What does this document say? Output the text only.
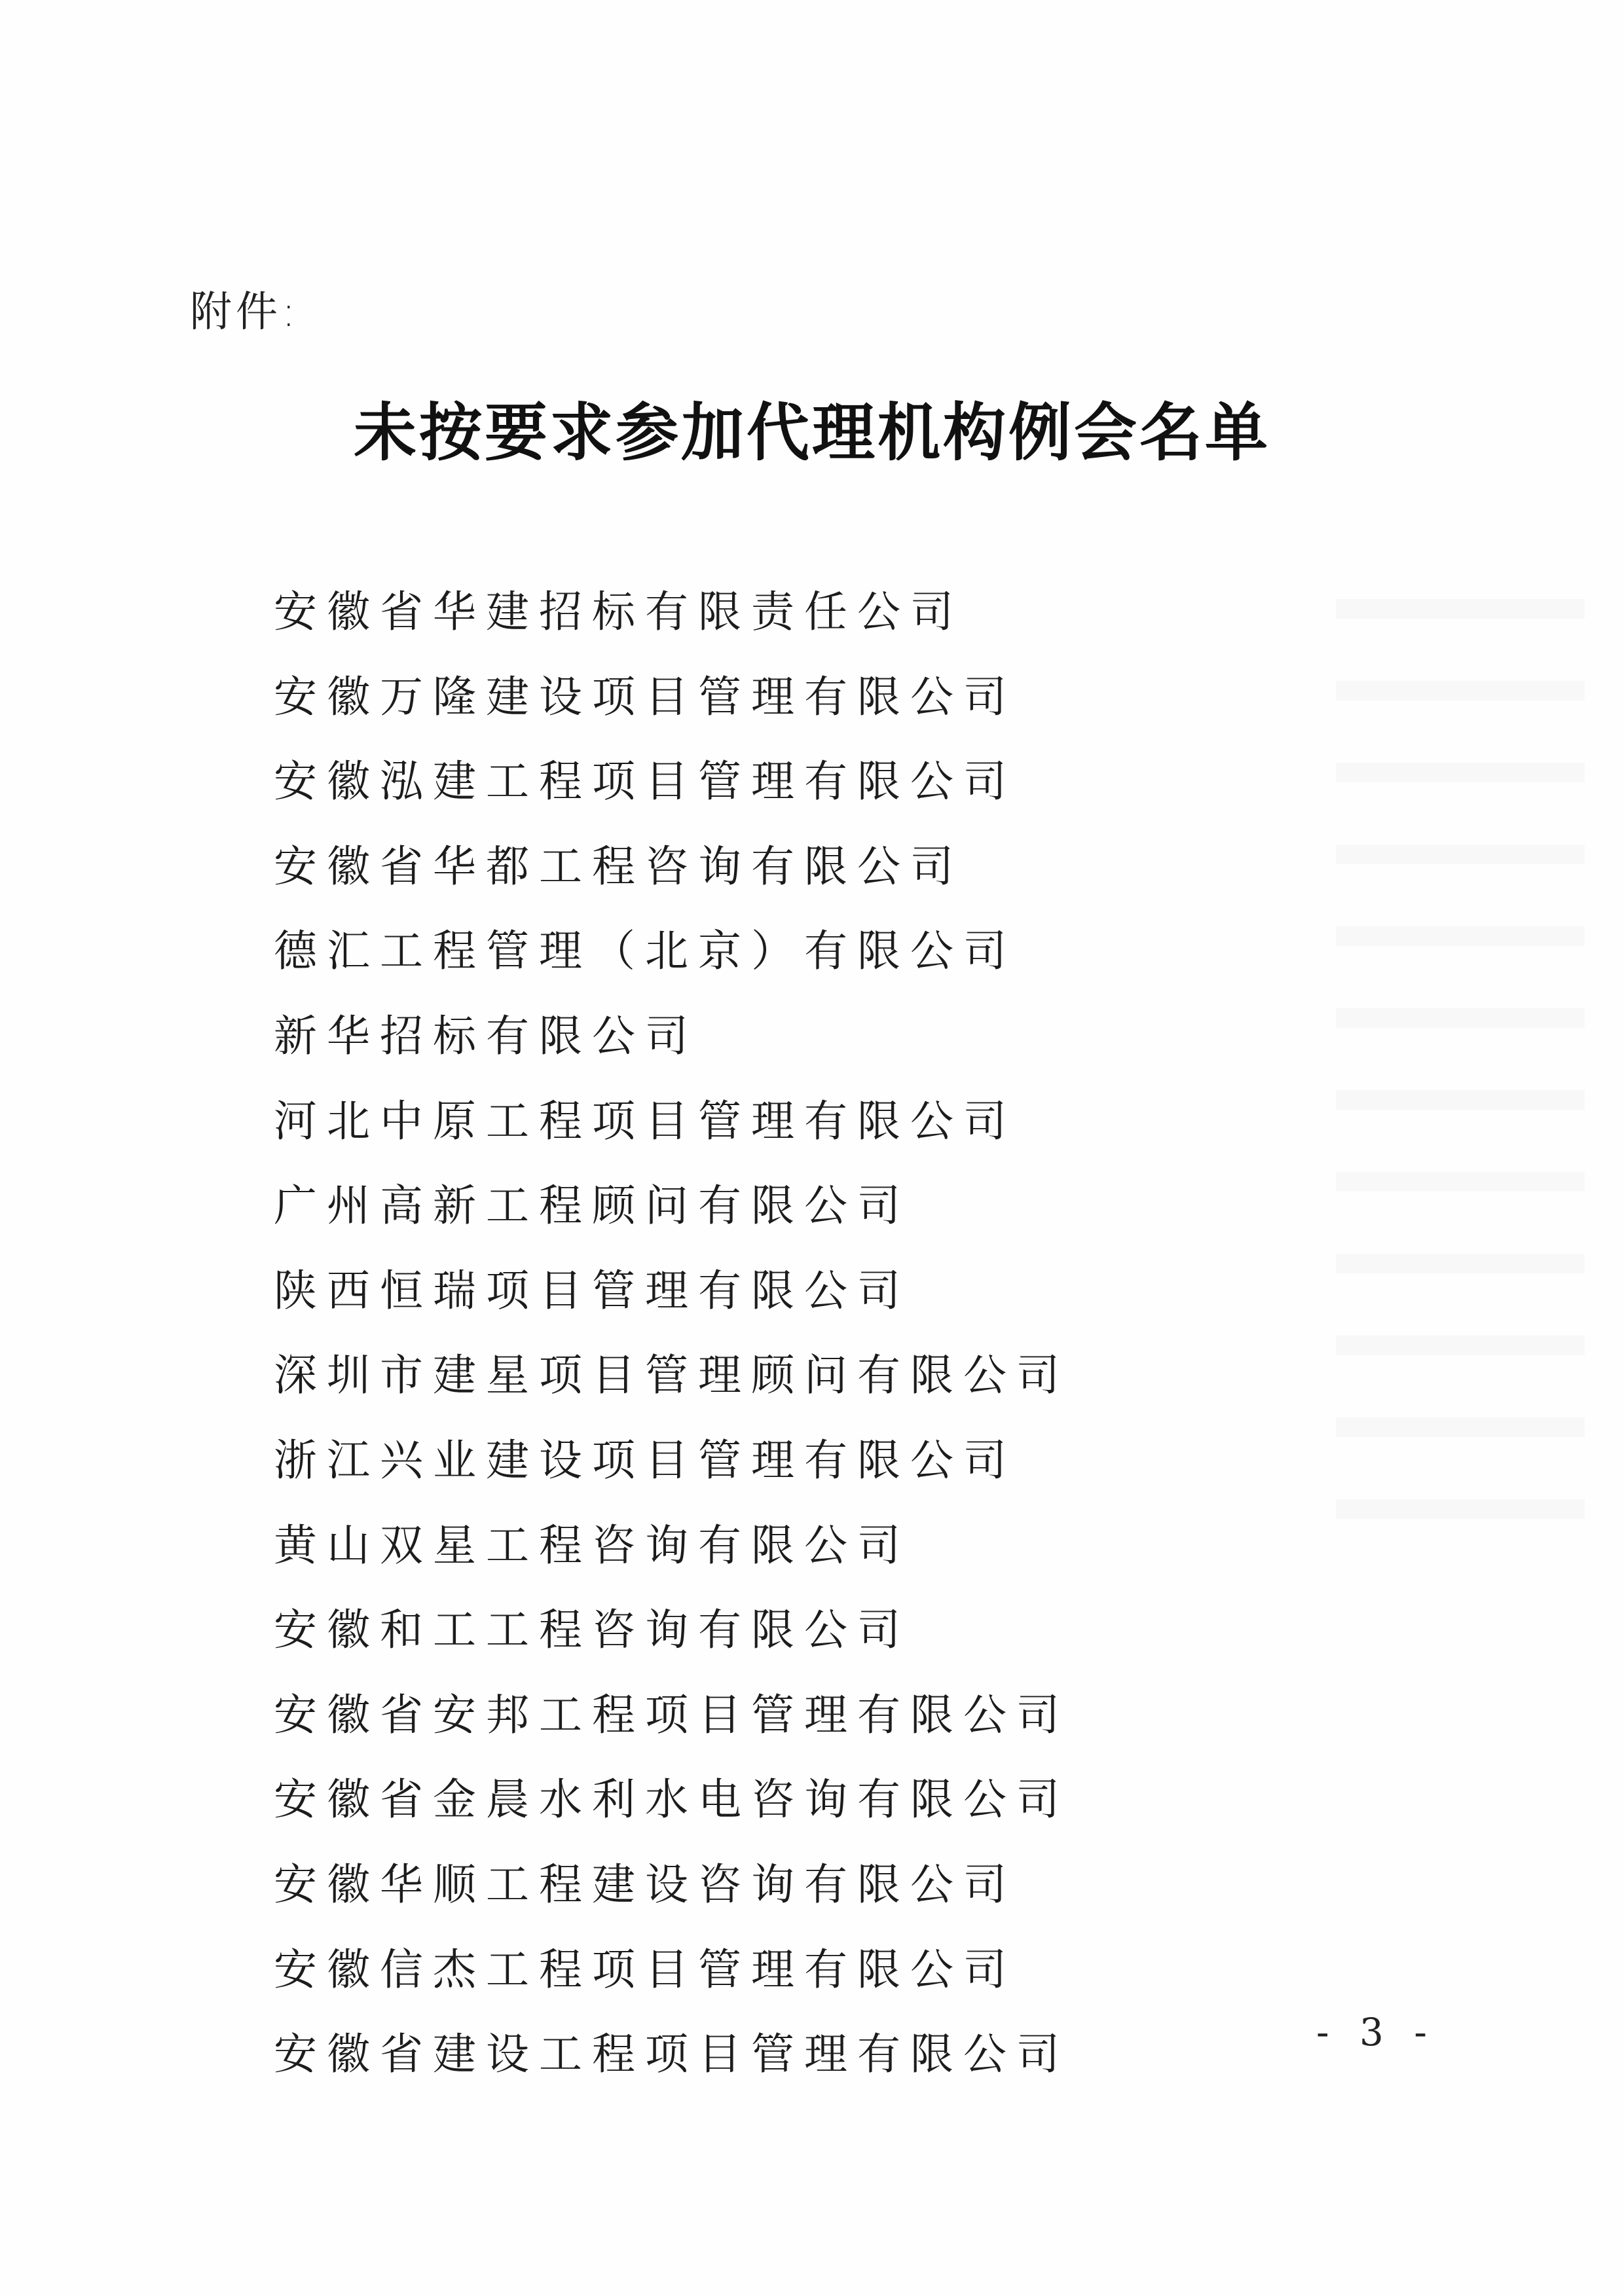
附件:
未按要求参加代理机构例会名单
安徽省华建招标有限责任公司
安徽万隆建设项目管理有限公司
安徽泓建工程项目管理有限公司
安徽省华都工程咨询有限公司
德汇工程管理（北京）有限公司
新华招标有限公司
河北中原工程项目管理有限公司
广州高新工程顾问有限公司
陕西恒瑞项目管理有限公司
深圳市建星项目管理顾问有限公司
浙江兴业建设项目管理有限公司
黄山双星工程咨询有限公司
安徽和工工程咨询有限公司
安徽省安邦工程项目管理有限公司
安徽省金晨水利水电咨询有限公司
安徽华顺工程建设咨询有限公司
安徽信杰工程项目管理有限公司
安徽省建设工程项目管理有限公司	- 3 -
